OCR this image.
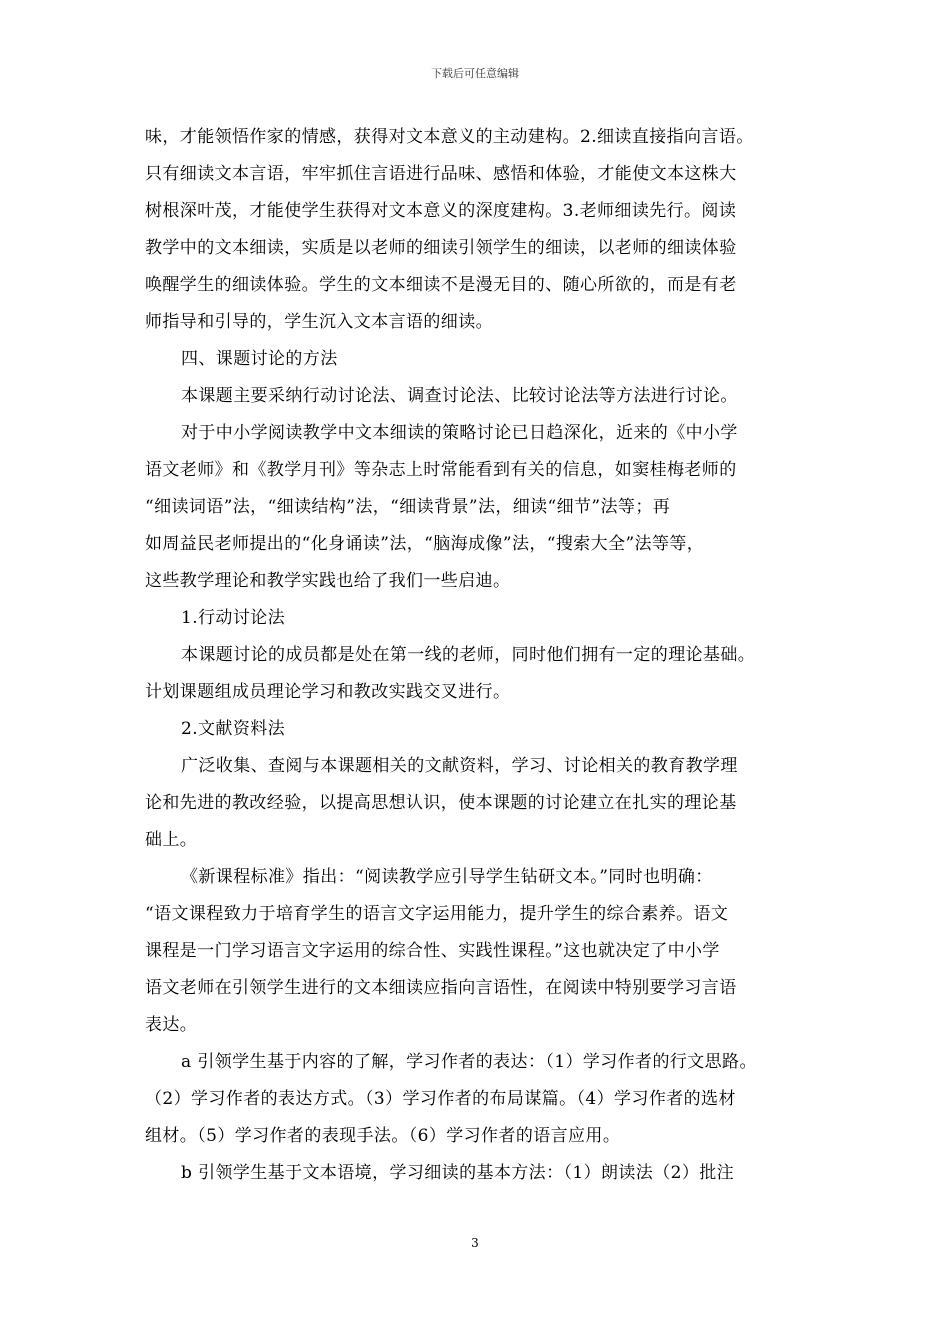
下载后可任意编辑

味，才能领悟作家的情感，获得对文本意义的主动建构。2.细读直接指向言语。
只有细读文本言语，牢牢抓住言语进行品味、感悟和体验，才能使文本这株大
树根深叶茂，才能使学生获得对文本意义的深度建构。3.老师细读先行。阅读
教学中的文本细读，实质是以老师的细读引领学生的细读，以老师的细读体验
唤醒学生的细读体验。学生的文本细读不是漫无目的、随心所欲的，而是有老
师指导和引导的，学生沉入文本言语的细读。

四、课题讨论的方法

本课题主要采纳行动讨论法、调查讨论法、比较讨论法等方法进行讨论。

对于中小学阅读教学中文本细读的策略讨论已日趋深化，近来的《中小学
语文老师》和《教学月刊》等杂志上时常能看到有关的信息，如窦桂梅老师的
“细读词语”法，“细读结构”法，“细读背景”法，细读“细节”法等；再
如周益民老师提出的“化身诵读”法，“脑海成像”法，“搜索大全”法等等，
这些教学理论和教学实践也给了我们一些启迪。

1.行动讨论法

本课题讨论的成员都是处在第一线的老师，同时他们拥有一定的理论基础。
计划课题组成员理论学习和教改实践交叉进行。

2.文献资料法

广泛收集、查阅与本课题相关的文献资料，学习、讨论相关的教育教学理
论和先进的教改经验，以提高思想认识，使本课题的讨论建立在扎实的理论基
础上。

《新课程标准》指出：“阅读教学应引导学生钻研文本。”同时也明确：
“语文课程致力于培育学生的语言文字运用能力，提升学生的综合素养。语文
课程是一门学习语言文字运用的综合性、实践性课程。”这也就决定了中小学
语文老师在引领学生进行的文本细读应指向言语性，在阅读中特别要学习言语
表达。

a 引领学生基于内容的了解，学习作者的表达：（1）学习作者的行文思路。
（2）学习作者的表达方式。（3）学习作者的布局谋篇。（4）学习作者的选材
组材。（5）学习作者的表现手法。（6）学习作者的语言应用。

b 引领学生基于文本语境，学习细读的基本方法：（1）朗读法（2）批注

3
